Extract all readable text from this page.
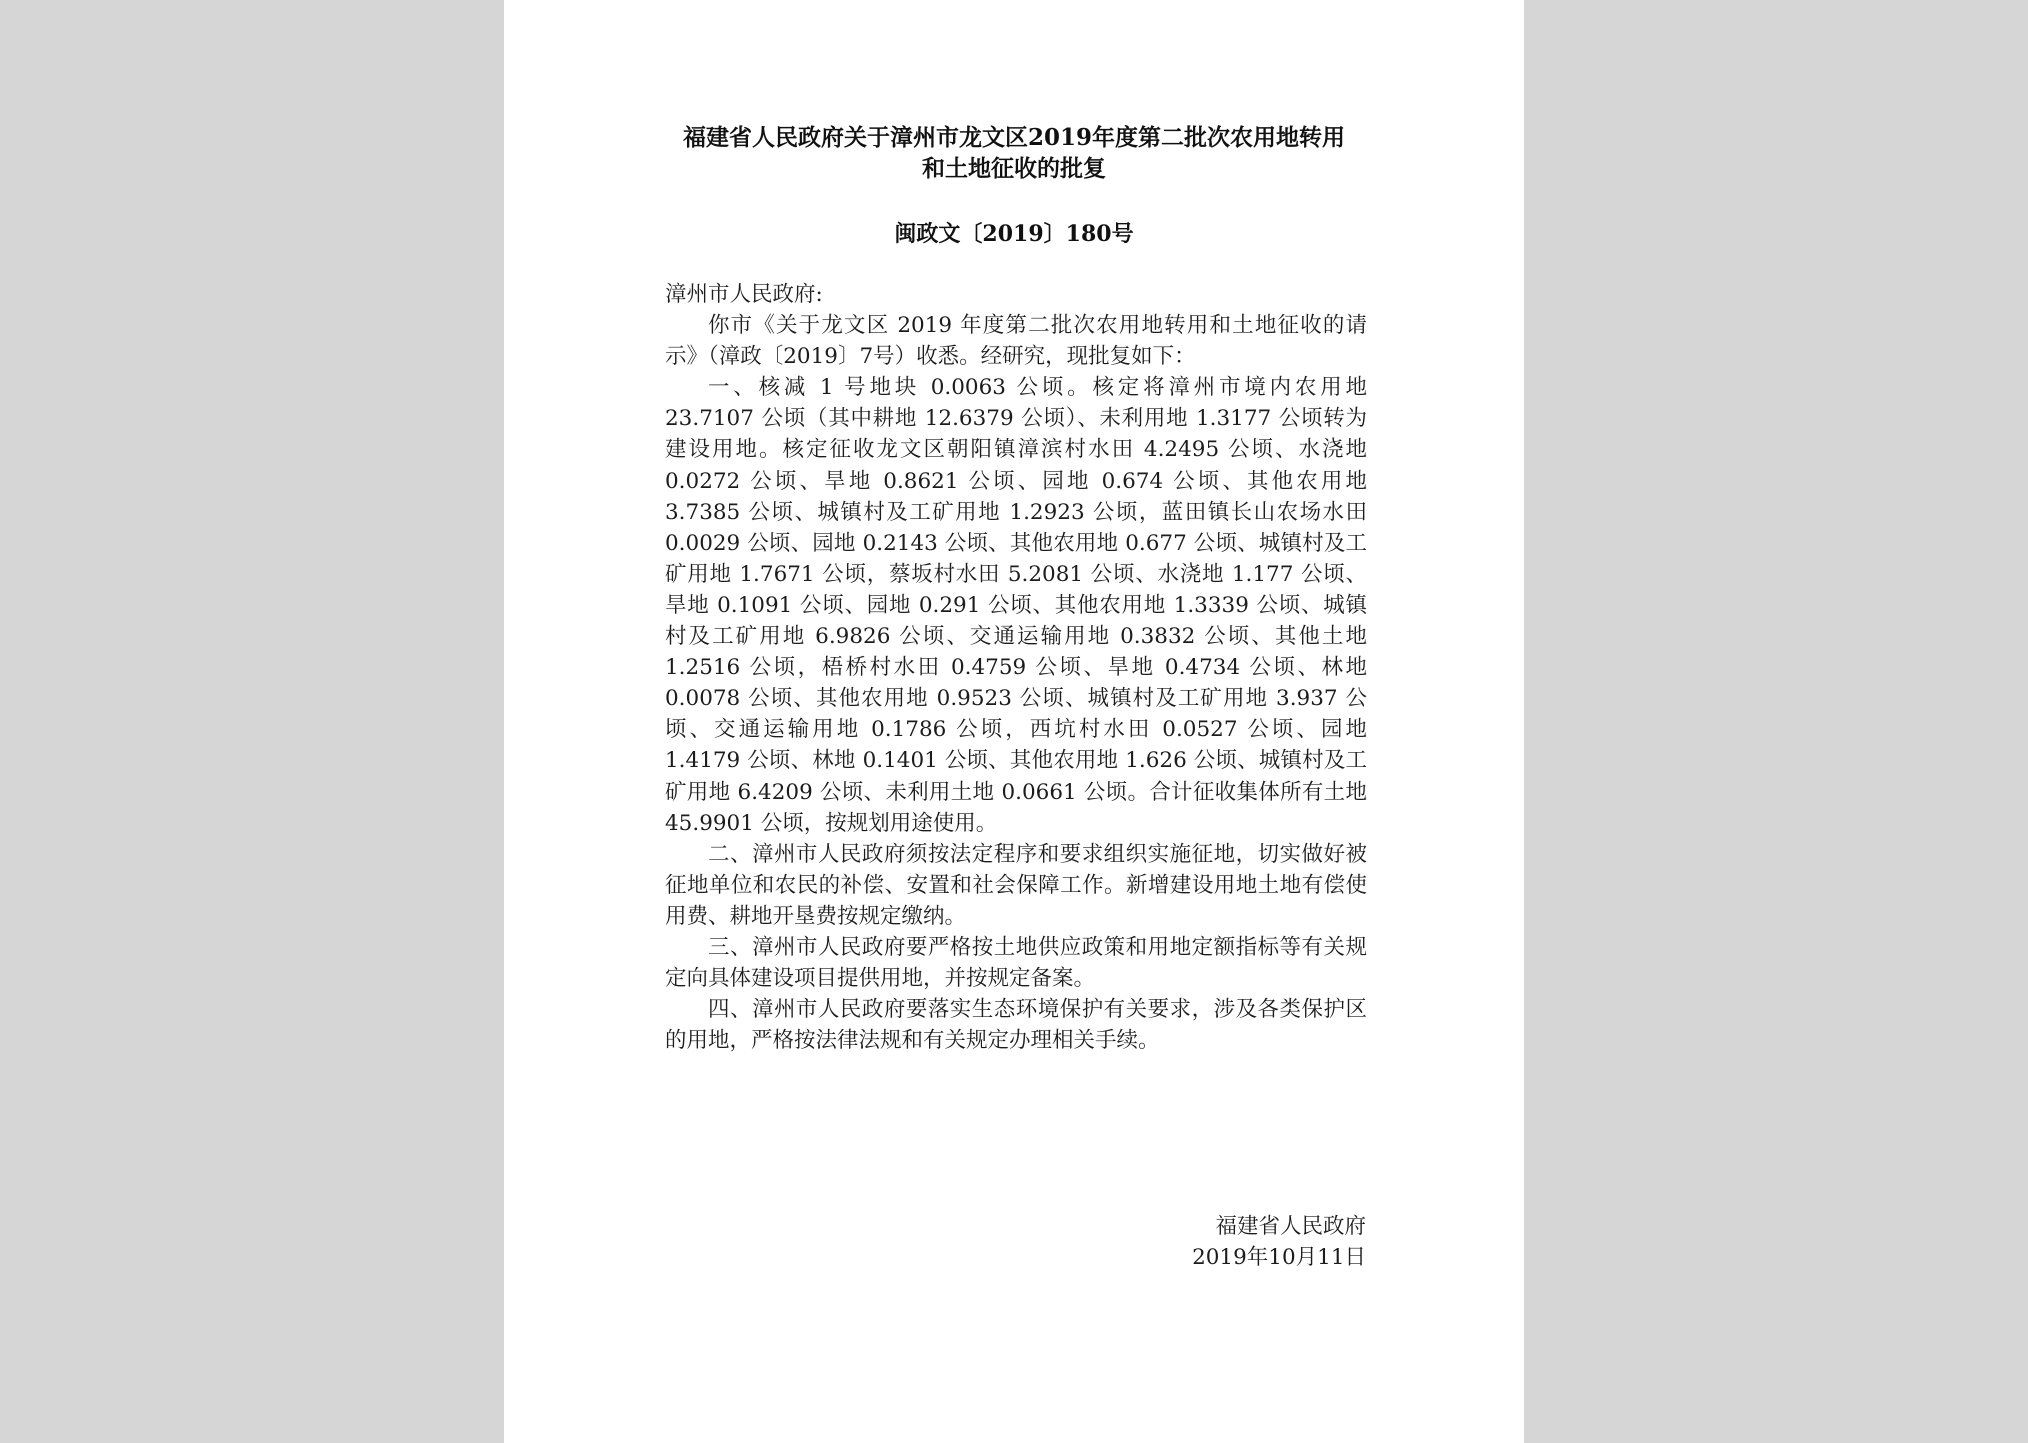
福建省人民政府关于漳州市龙文区2019年度第二批次农用地转用
和土地征收的批复
闽政文〔2019〕180号

漳州市人民政府:

你市《关于龙文区 2019 年度第二批次农用地转用和土地征收的请示》（漳政〔2019〕7号）收悉。经研究，现批复如下：

一、核减 1 号地块 0.0063 公顷。核定将漳州市境内农用地 23.7107 公顷（其中耕地 12.6379 公顷）、未利用地 1.3177 公顷转为建设用地。核定征收龙文区朝阳镇漳滨村水田 4.2495 公顷、水浇地 0.0272 公顷、旱地 0.8621 公顷、园地 0.674 公顷、其他农用地 3.7385 公顷、城镇村及工矿用地 1.2923 公顷，蓝田镇长山农场水田 0.0029 公顷、园地 0.2143 公顷、其他农用地 0.677 公顷、城镇村及工矿用地 1.7671 公顷，蔡坂村水田 5.2081 公顷、水浇地 1.177 公顷、旱地 0.1091 公顷、园地 0.291 公顷、其他农用地 1.3339 公顷、城镇村及工矿用地 6.9826 公顷、交通运输用地 0.3832 公顷、其他土地 1.2516 公顷，梧桥村水田 0.4759 公顷、旱地 0.4734 公顷、林地 0.0078 公顷、其他农用地 0.9523 公顷、城镇村及工矿用地 3.937 公顷、交通运输用地 0.1786 公顷，西坑村水田 0.0527 公顷、园地 1.4179 公顷、林地 0.1401 公顷、其他农用地 1.626 公顷、城镇村及工矿用地 6.4209 公顷、未利用土地 0.0661 公顷。合计征收集体所有土地 45.9901 公顷，按规划用途使用。

二、漳州市人民政府须按法定程序和要求组织实施征地，切实做好被征地单位和农民的补偿、安置和社会保障工作。新增建设用地土地有偿使用费、耕地开垦费按规定缴纳。

三、漳州市人民政府要严格按土地供应政策和用地定额指标等有关规定向具体建设项目提供用地，并按规定备案。

四、漳州市人民政府要落实生态环境保护有关要求，涉及各类保护区的用地，严格按法律法规和有关规定办理相关手续。

福建省人民政府
2019年10月11日
